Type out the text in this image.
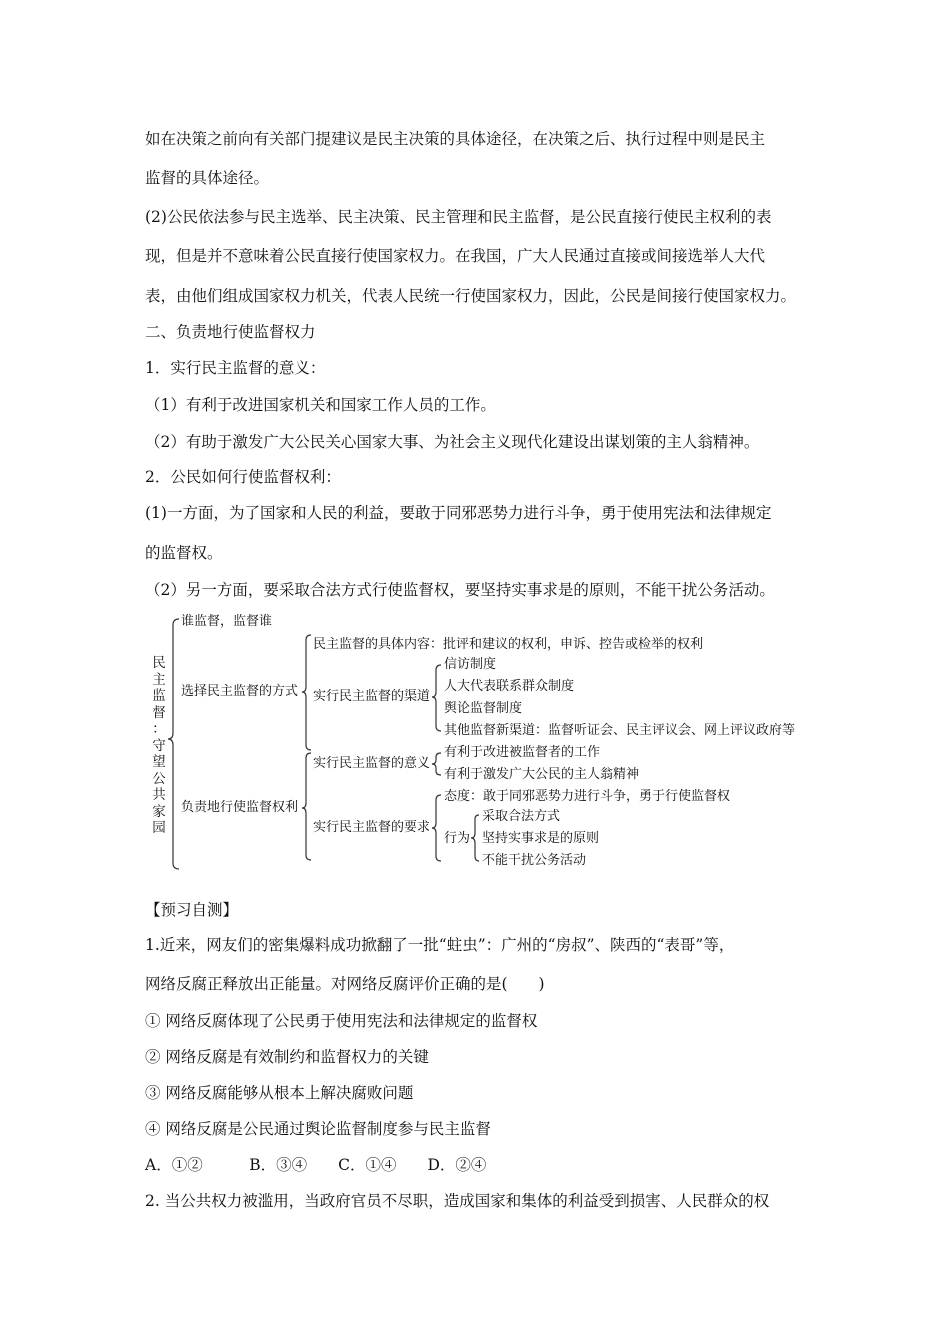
如在决策之前向有关部门提建议是民主决策的具体途径，在决策之后、执行过程中则是民主
监督的具体途径。
(2)公民依法参与民主选举、民主决策、民主管理和民主监督，是公民直接行使民主权利的表
现，但是并不意味着公民直接行使国家权力。在我国，广大人民通过直接或间接选举人大代
表，由他们组成国家权力机关，代表人民统一行使国家权力，因此，公民是间接行使国家权力。
二、负责地行使监督权力
1．实行民主监督的意义：
（1）有利于改进国家机关和国家工作人员的工作。
（2）有助于激发广大公民关心国家大事、为社会主义现代化建设出谋划策的主人翁精神。
2．公民如何行使监督权利：
(1)一方面，为了国家和人民的利益，要敢于同邪恶势力进行斗争，勇于使用宪法和法律规定
的监督权。
（2）另一方面，要采取合法方式行使监督权，要坚持实事求是的原则，不能干扰公务活动。
民
主
监
督
：
守
望
公
共
家
园
谁监督，监督谁
选择民主监督的方式
民主监督的具体内容：批评和建议的权利，申诉、控告或检举的权利
实行民主监督的渠道
信访制度
人大代表联系群众制度
舆论监督制度
其他监督新渠道：监督听证会、民主评议会、网上评议政府等
负责地行使监督权利
实行民主监督的意义
有利于改进被监督者的工作
有利于激发广大公民的主人翁精神
实行民主监督的要求
态度：敢于同邪恶势力进行斗争，勇于行使监督权
行为
采取合法方式
坚持实事求是的原则
不能干扰公务活动
【预习自测】
1.近来，网友们的密集爆料成功掀翻了一批“蛀虫”：广州的“房叔”、陕西的“表哥”等，
网络反腐正释放出正能量。对网络反腐评价正确的是(　　)
① 网络反腐体现了公民勇于使用宪法和法律规定的监督权
② 网络反腐是有效制约和监督权力的关键
③ 网络反腐能够从根本上解决腐败问题
④ 网络反腐是公民通过舆论监督制度参与民主监督
A．①②　　　B．③④　　C．①④　　D．②④
2. 当公共权力被滥用，当政府官员不尽职，造成国家和集体的利益受到损害、人民群众的权
